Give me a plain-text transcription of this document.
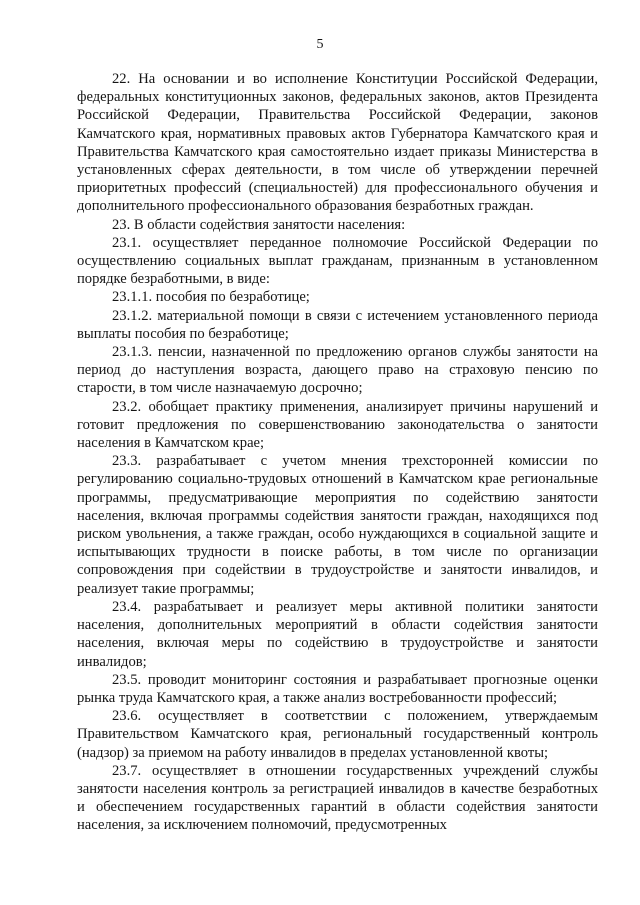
5

22. На основании и во исполнение Конституции Российской Федерации, федеральных конституционных законов, федеральных законов, актов Президента Российской Федерации, Правительства Российской Федерации, законов Камчатского края, нормативных правовых актов Губернатора Камчатского края и Правительства Камчатского края самостоятельно издает приказы Министерства в установленных сферах деятельности, в том числе об утверждении перечней приоритетных профессий (специальностей) для профессионального обучения и дополнительного профессионального образования безработных граждан.

23. В области содействия занятости населения:

23.1. осуществляет переданное полномочие Российской Федерации по осуществлению социальных выплат гражданам, признанным в установленном порядке безработными, в виде:

23.1.1. пособия по безработице;

23.1.2. материальной помощи в связи с истечением установленного периода выплаты пособия по безработице;

23.1.3. пенсии, назначенной по предложению органов службы занятости на период до наступления возраста, дающего право на страховую пенсию по старости, в том числе назначаемую досрочно;

23.2. обобщает практику применения, анализирует причины нарушений и готовит предложения по совершенствованию законодательства о занятости населения в Камчатском крае;

23.3. разрабатывает с учетом мнения трехсторонней комиссии по регулированию социально-трудовых отношений в Камчатском крае региональные программы, предусматривающие мероприятия по содействию занятости населения, включая программы содействия занятости граждан, находящихся под риском увольнения, а также граждан, особо нуждающихся в социальной защите и испытывающих трудности в поиске работы, в том числе по организации сопровождения при содействии в трудоустройстве и занятости инвалидов, и реализует такие программы;

23.4. разрабатывает и реализует меры активной политики занятости населения, дополнительных мероприятий в области содействия занятости населения, включая меры по содействию в трудоустройстве и занятости инвалидов;

23.5. проводит мониторинг состояния и разрабатывает прогнозные оценки рынка труда Камчатского края, а также анализ востребованности профессий;

23.6. осуществляет в соответствии с положением, утверждаемым Правительством Камчатского края, региональный государственный контроль (надзор) за приемом на работу инвалидов в пределах установленной квоты;

23.7. осуществляет в отношении государственных учреждений службы занятости населения контроль за регистрацией инвалидов в качестве безработных и обеспечением государственных гарантий в области содействия занятости населения, за исключением полномочий, предусмотренных
